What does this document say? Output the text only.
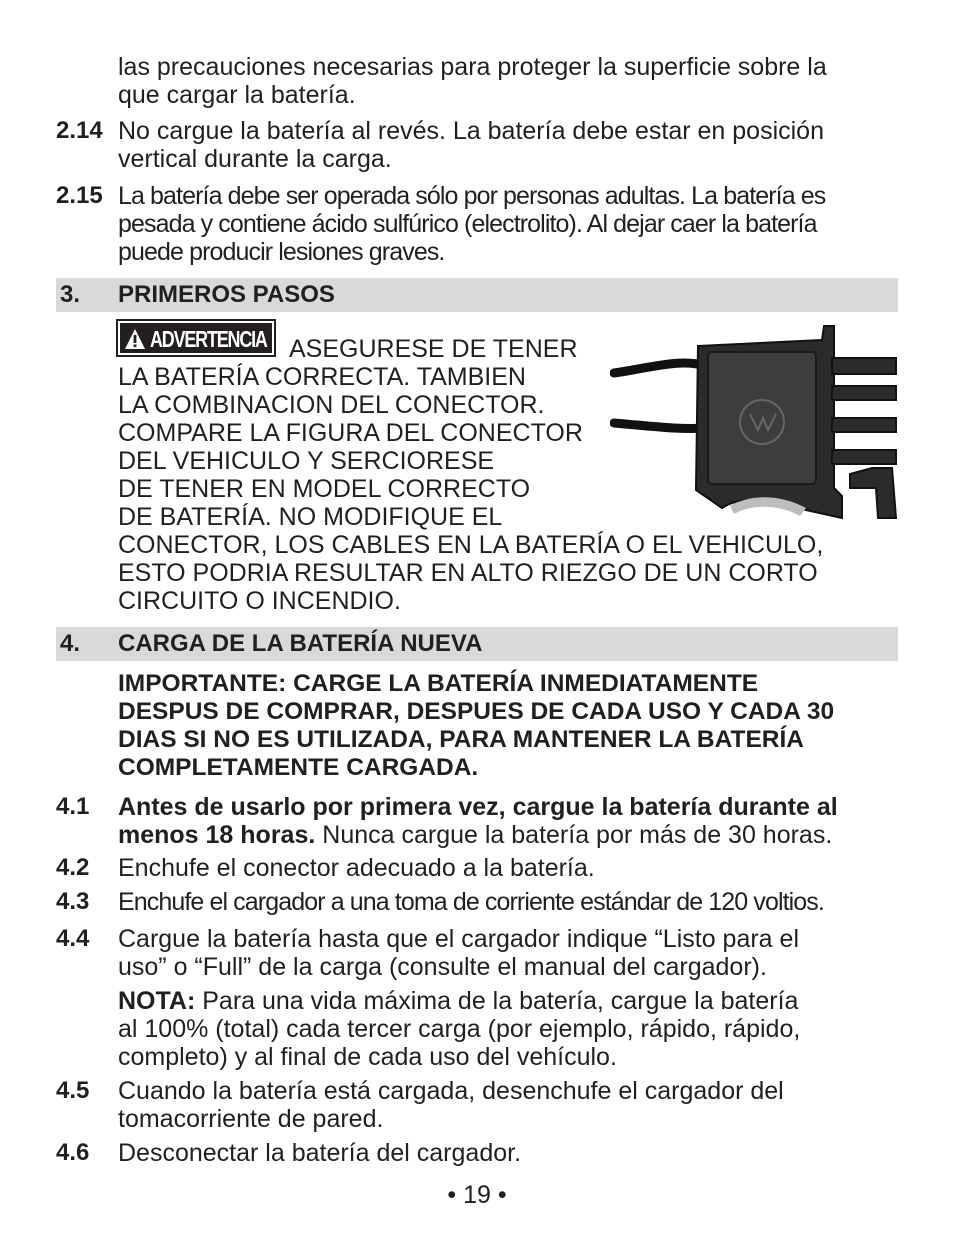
las precauciones necesarias para proteger la superficie sobre la
que cargar la batería.
2.14 No cargue la batería al revés. La batería debe estar en posición
vertical durante la carga.
2.15 La batería debe ser operada sólo por personas adultas. La batería es
pesada y contiene ácido sulfúrico (electrolito). Al dejar caer la batería
puede producir lesiones graves.
3. PRIMEROS PASOS
ADVERTENCIA ASEGURESE DE TENER
LA BATERÍA CORRECTA. TAMBIEN
LA COMBINACION DEL CONECTOR.
COMPARE LA FIGURA DEL CONECTOR
DEL VEHICULO Y SERCIORESE
DE TENER EN MODEL CORRECTO
DE BATERÍA. NO MODIFIQUE EL
CONECTOR, LOS CABLES EN LA BATERÍA O EL VEHICULO,
ESTO PODRIA RESULTAR EN ALTO RIEZGO DE UN CORTO
CIRCUITO O INCENDIO.
4. CARGA DE LA BATERÍA NUEVA
IMPORTANTE: CARGE LA BATERÍA INMEDIATAMENTE
DESPUS DE COMPRAR, DESPUES DE CADA USO Y CADA 30
DIAS SI NO ES UTILIZADA, PARA MANTENER LA BATERÍA
COMPLETAMENTE CARGADA.
4.1 Antes de usarlo por primera vez, cargue la batería durante al
menos 18 horas. Nunca cargue la batería por más de 30 horas.
4.2 Enchufe el conector adecuado a la batería.
4.3 Enchufe el cargador a una toma de corriente estándar de 120 voltios.
4.4 Cargue la batería hasta que el cargador indique “Listo para el
uso” o “Full” de la carga (consulte el manual del cargador).
NOTA: Para una vida máxima de la batería, cargue la batería
al 100% (total) cada tercer carga (por ejemplo, rápido, rápido,
completo) y al final de cada uso del vehículo.
4.5 Cuando la batería está cargada, desenchufe el cargador del
tomacorriente de pared.
4.6 Desconectar la batería del cargador.
• 19 •
